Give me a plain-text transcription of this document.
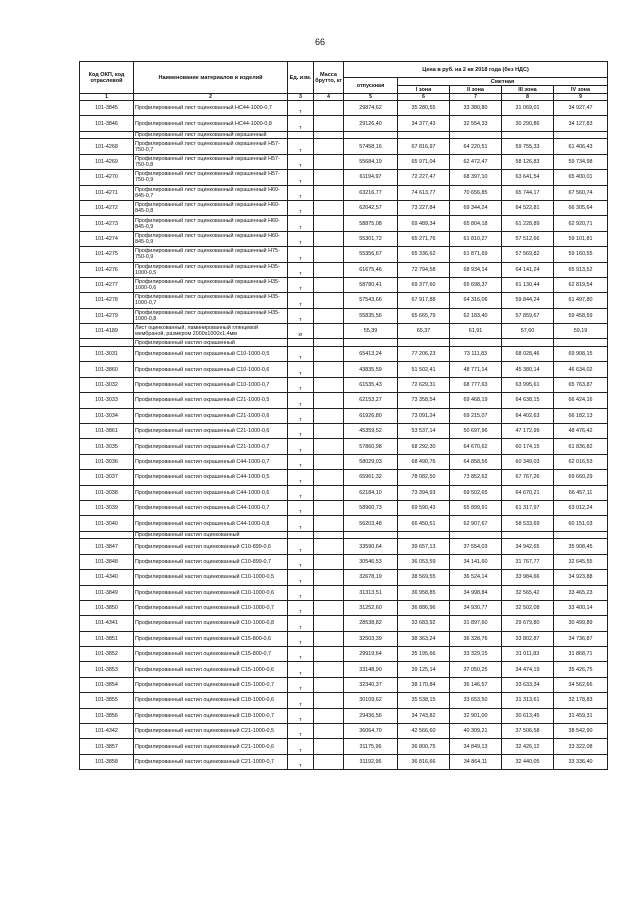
66
Код ОКП, код отраслевой	Наименование материалов и изделий	Ед. изм.	Масса брутто, кг	Цена в руб. на 2 кв 2018 года (без НДС)				
				отпускная	Сметная			
					I зона	II зона	III зона	IV зона
1	2	3	4	5	6	7	8	9
101-3845	Профилированный лист оцинкованный НС44-1000-0,7	т		29874,62	35 280,55	33 380,80	31 069,01	34 927,47
101-3846	Профилированный лист оцинкованный НС44-1000-0,8	т		29126,40	34 377,43	32 554,33	30 290,86	34 127,83
	Профилированный лист оцинкованный окрашенный							
101-4268	Профилированный лист оцинкованный окрашенный Н57-750-0,7	т		57458,16	67 816,97	64 220,51	59 755,33	61 406,43
101-4269	Профилированный лист оцинкованный окрашенный Н57-750-0,8	т		55684,19	65 971,04	62 472,47	58 126,83	59 734,98
101-4270	Профилированный лист оцинкованный окрашенный Н57-750-0,9	т		61194,97	72 227,47	68 397,10	63 641,54	65 400,01
101-4271	Профилированный лист оцинкованный окрашенный Н60-845-0,7	т		63216,77	74 613,77	70 656,85	65 744,17	67 560,74
101-4272	Профилированный лист оцинкованный окрашенный Н60-845-0,8	т		62042,57	73 227,84	69 344,24	64 522,81	66 305,64
101-4273	Профилированный лист оцинкованный окрашенный Н60-845-0,9	т		58875,08	69 489,34	65 804,18	61 228,89	62 920,71
101-4274	Профилированный лист оцинкованный окрашенный Н60-845-0,9	т		55301,72	65 271,76	61 810,27	57 512,66	59 101,81
101-4275	Профилированный лист оцинкованный окрашенный Н75-750-0,9	т		55356,67	65 336,62	61 871,69	57 569,82	59 160,55
101-4276	Профилированный лист оцинкованный окрашенный Н35-1000-0,5	т		61675,46	72 794,58	68 934,14	64 141,24	65 913,52
101-4277	Профилированный лист оцинкованный окрашенный Н35-1000-0,6	т		58780,41	69 377,60	65 698,37	61 130,44	62 819,54
101-4278	Профилированный лист оцинкованный окрашенный Н35-1000-0,7	т		57543,66	67 917,88	64 316,06	59 844,24	61 497,80
101-4279	Профилированный лист оцинкованный окрашенный Н35-1000-0,8	т		55835,56	65 665,79	62 183,40	57 859,67	59 458,59
101-4189	Лист оцинкованный, ламинированный глянцевой мембраной, размером 2000х1000х1,4мм	кг		55,39	65,37	61,91	57,60	59,19
	Профилированный настил окрашенный							
101-3031	Профилированный настил окрашенный С10-1000-0,5	т		65413,24	77 206,23	73 111,83	68 028,46	69 908,15
101-3860	Профилированный настил окрашенный С10-1000-0,6	т		43835,59	51 502,41	48 771,14	45 380,14	46 634,02
101-3032	Профилированный настил окрашенный С10-1000-0,7	т		61535,43	72 629,31	68 777,63	63 995,61	65 763,87
101-3033	Профилированный настил окрашенный С21-1000-0,5	т		62153,27	73 358,54	69 468,19	64 638,15	66 424,16
101-3034	Профилированный настил окрашенный С21-1000-0,6	т		61926,80	73 091,24	69 215,07	64 402,63	66 182,13
101-3861	Профилированный настил окрашенный С21-1000-0,6	т		45359,52	53 537,14	50 697,96	47 172,99	48 476,42
101-3035	Профилированный настил окрашенный С21-1000-0,7	т		57860,98	68 292,30	64 670,62	60 174,15	61 836,82
101-3036	Профилированный настил окрашенный С44-1000-0,7	т		58029,03	68 490,76	64 858,56	60 349,03	62 016,53
101-3037	Профилированный настил окрашенный С44-1000-0,5	т		65961,32	78 082,50	73 852,62	67 767,26	69 660,29
101-3038	Профилированный настил окрашенный С44-1000-0,6	т		62184,10	73 394,93	69 502,65	64 670,21	66 457,11
101-3039	Профилированный настил окрашенный С44-1000-0,7	т		58960,73	69 590,43	65 899,91	61 317,97	63 012,24
101-3040	Профилированный настил окрашенный С44-1000-0,8	т		56203,48	66 450,51	62 907,67	58 533,69	60 151,03
	Профилированный настил оцинкованный							
101-3847	Профилированный настил оцинкованный С10-899-0,6	т		33590,64	39 657,13	37 554,03	34 942,65	35 908,45
101-3848	Профилированный настил оцинкованный С10-899-0,7	т		30546,53	36 053,59	34 141,60	31 767,77	32 645,55
101-4340	Профилированный настил оцинкованный С10-1000-0,5	т		32678,19	38 569,55	36 524,14	33 984,66	34 923,88
101-3849	Профилированный настил оцинкованный С10-1000-0,6	т		31313,51	36 958,85	34 998,84	32 565,42	33 465,23
101-3850	Профилированный настил оцинкованный С10-1000-0,7	т		31252,60	36 886,96	34 930,77	32 502,08	33 400,14
101-4341	Профилированный настил оцинкованный С10-1000-0,8	т		28538,82	33 683,92	31 897,60	29 679,80	30 499,89
101-3851	Профилированный настил оцинкованный С15-800-0,6	т		32503,39	38 363,24	36 328,76	33 802,87	34 736,87
101-3852	Профилированный настил оцинкованный С15-800-0,7	т		29919,64	35 195,66	33 329,15	31 011,83	31 868,71
101-3853	Профилированный настил оцинкованный С15-1000-0,6	т		33148,90	39 125,14	37 050,25	34 474,19	35 426,75
101-3854	Профилированный настил оцинкованный С15-1000-0,7	т		32340,37	38 170,84	36 146,57	33 633,34	34 562,66
101-3855	Профилированный настил оцинкованный С18-1000-0,6	т		30109,62	35 538,15	33 653,50	31 313,61	32 178,83
101-3856	Профилированный настил оцинкованный С18-1000-0,7	т		29436,56	34 743,82	32 901,00	30 613,45	31 459,31
101-4342	Профилированный настил оцинкованный С21-1000-0,5	т		36064,70	42 566,60	40 309,21	37 506,58	38 542,90
101-3857	Профилированный настил оцинкованный С21-1000-0,6	т		31175,96	36 800,75	34 849,13	32 426,12	33 322,08
101-3858	Профилированный настил оцинкованный С21-1000-0,7	т		31192,96	36 816,66	34 864,11	32 440,05	33 336,40
